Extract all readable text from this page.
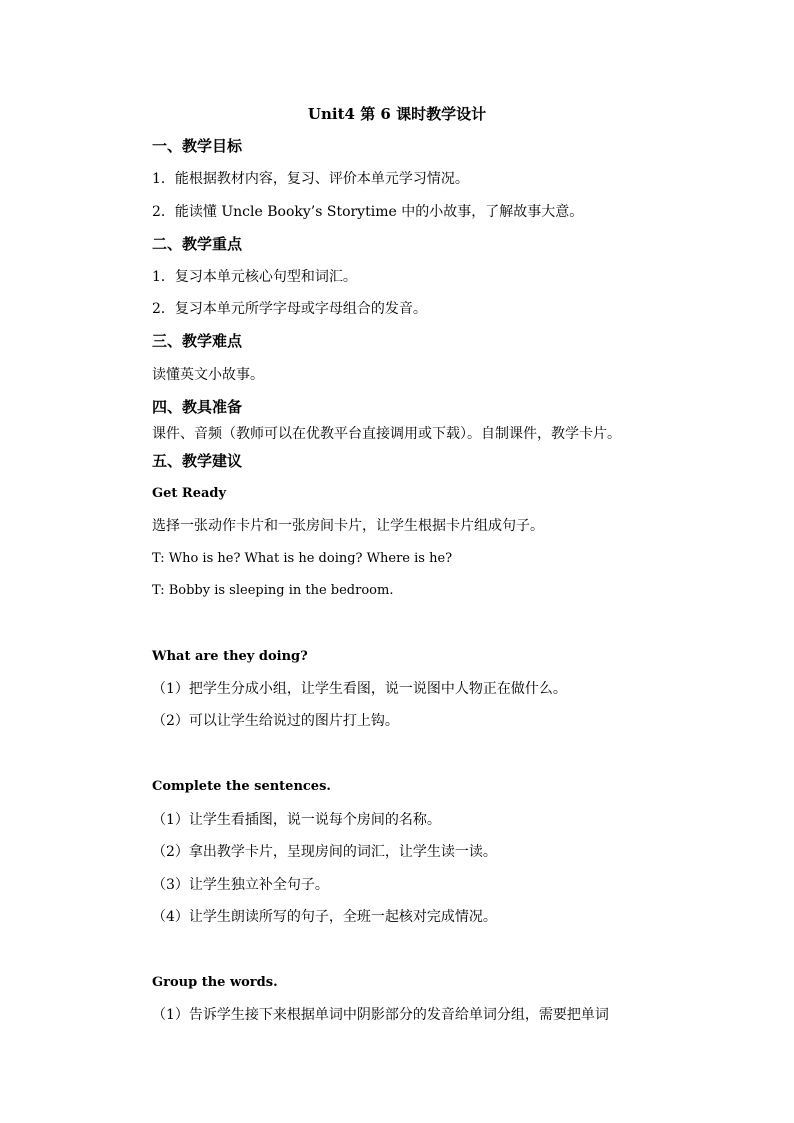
Unit4 第 6 课时教学设计
一、教学目标
1．能根据教材内容，复习、评价本单元学习情况。
2．能读懂 Uncle Booky’s Storytime 中的小故事，了解故事大意。
二、教学重点
1．复习本单元核心句型和词汇。
2．复习本单元所学字母或字母组合的发音。
三、教学难点
读懂英文小故事。
四、教具准备
课件、音频（教师可以在优教平台直接调用或下载）。自制课件，教学卡片。
五、教学建议
Get Ready
选择一张动作卡片和一张房间卡片，让学生根据卡片组成句子。
T: Who is he? What is he doing? Where is he?
T: Bobby is sleeping in the bedroom.
What are they doing?
（1）把学生分成小组，让学生看图，说一说图中人物正在做什么。
（2）可以让学生给说过的图片打上钩。
Complete the sentences.
（1）让学生看插图，说一说每个房间的名称。
（2）拿出教学卡片，呈现房间的词汇，让学生读一读。
（3）让学生独立补全句子。
（4）让学生朗读所写的句子，全班一起核对完成情况。
Group the words.
（1）告诉学生接下来根据单词中阴影部分的发音给单词分组，需要把单词
